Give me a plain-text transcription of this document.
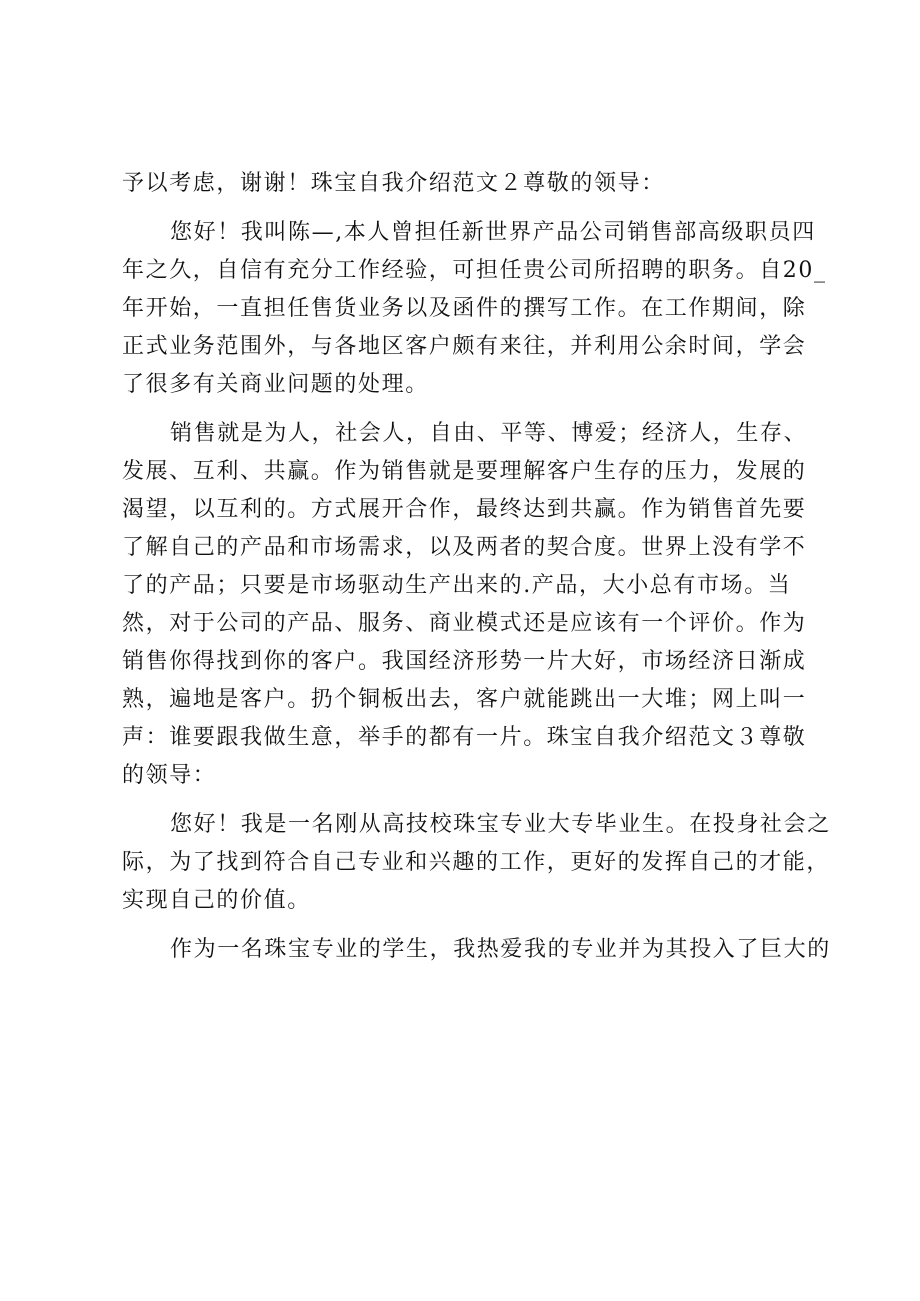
予以考虑，谢谢！珠宝自我介绍范文２尊敬的领导：
您好！我叫陈—,本人曾担任新世界产品公司销售部高级职员四
年之久，自信有充分工作经验，可担任贵公司所招聘的职务。自20_
年开始，一直担任售货业务以及函件的撰写工作。在工作期间，除
正式业务范围外，与各地区客户颇有来往，并利用公余时间，学会
了很多有关商业问题的处理。
销售就是为人，社会人，自由、平等、博爱；经济人，生存、
发展、互利、共赢。作为销售就是要理解客户生存的压力，发展的
渴望，以互利的。方式展开合作，最终达到共赢。作为销售首先要
了解自己的产品和市场需求，以及两者的契合度。世界上没有学不
了的产品；只要是市场驱动生产出来的.产品，大小总有市场。当
然，对于公司的产品、服务、商业模式还是应该有一个评价。作为
销售你得找到你的客户。我国经济形势一片大好，市场经济日渐成
熟，遍地是客户。扔个铜板出去，客户就能跳出一大堆；网上叫一
声：谁要跟我做生意，举手的都有一片。珠宝自我介绍范文３尊敬
的领导：
您好！我是一名刚从高技校珠宝专业大专毕业生。在投身社会之
际，为了找到符合自己专业和兴趣的工作，更好的发挥自己的才能，
实现自己的价值。
作为一名珠宝专业的学生，我热爱我的专业并为其投入了巨大的
